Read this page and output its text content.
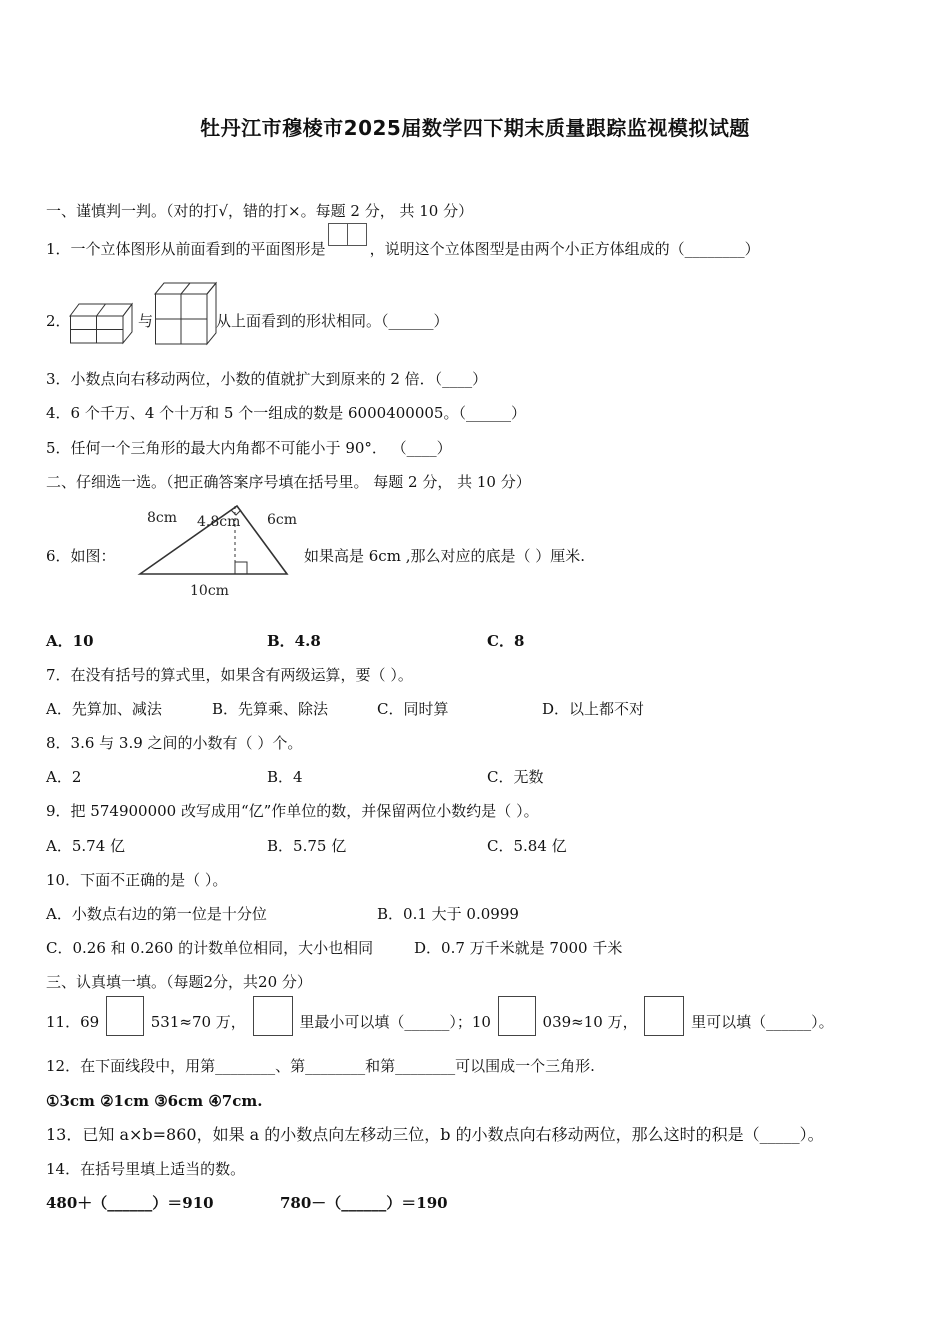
牡丹江市穆棱市2025届数学四下期末质量跟踪监视模拟试题
一、谨慎判一判。（对的打√，错的打×。每题 2 分， 共 10 分）
1．一个立体图形从前面看到的平面图形是	，说明这个立体图型是由两个小正方体组成的（________）
2．	与	从上面看到的形状相同。（______）
3．小数点向右移动两位，小数的值就扩大到原来的 2 倍．（____）
4．6 个千万、4 个十万和 5 个一组成的数是 6000400005。（______）
5．任何一个三角形的最大内角都不可能小于 90°． （____）
二、仔细选一选。（把正确答案序号填在括号里。 每题 2 分， 共 10 分）
6．如图：
8cm 4.8cm 6cm
10cm
如果高是 6cm ,那么对应的底是（ ）厘米.
A．10	B．4.8	C．8
7．在没有括号的算式里，如果含有两级运算，要（ ）。
A．先算加、减法	B．先算乘、除法	C．同时算	D．以上都不对
8．3.6 与 3.9 之间的小数有（ ）个。
A．2	B．4	C．无数
9．把 574900000 改写成用“亿”作单位的数，并保留两位小数约是（ ）。
A．5.74 亿	B．5.75 亿	C．5.84 亿
10．下面不正确的是（ ）。
A．小数点右边的第一位是十分位	B．0.1 大于 0.0999
C．0.26 和 0.260 的计数单位相同，大小也相同	D．0.7 万千米就是 7000 千米
三、认真填一填。（每题2分，共20 分）
11．69	531≈70 万，	里最小可以填（______）；10	039≈10 万，	里可以填（______）。
12．在下面线段中，用第________、第________和第________可以围成一个三角形.
①3cm ②1cm ③6cm ④7cm.
13．已知 a×b=860，如果 a 的小数点向左移动三位，b 的小数点向右移动两位，那么这时的积是（_____）。
14．在括号里填上适当的数。
480＋（______）＝910	780－（______）＝190
